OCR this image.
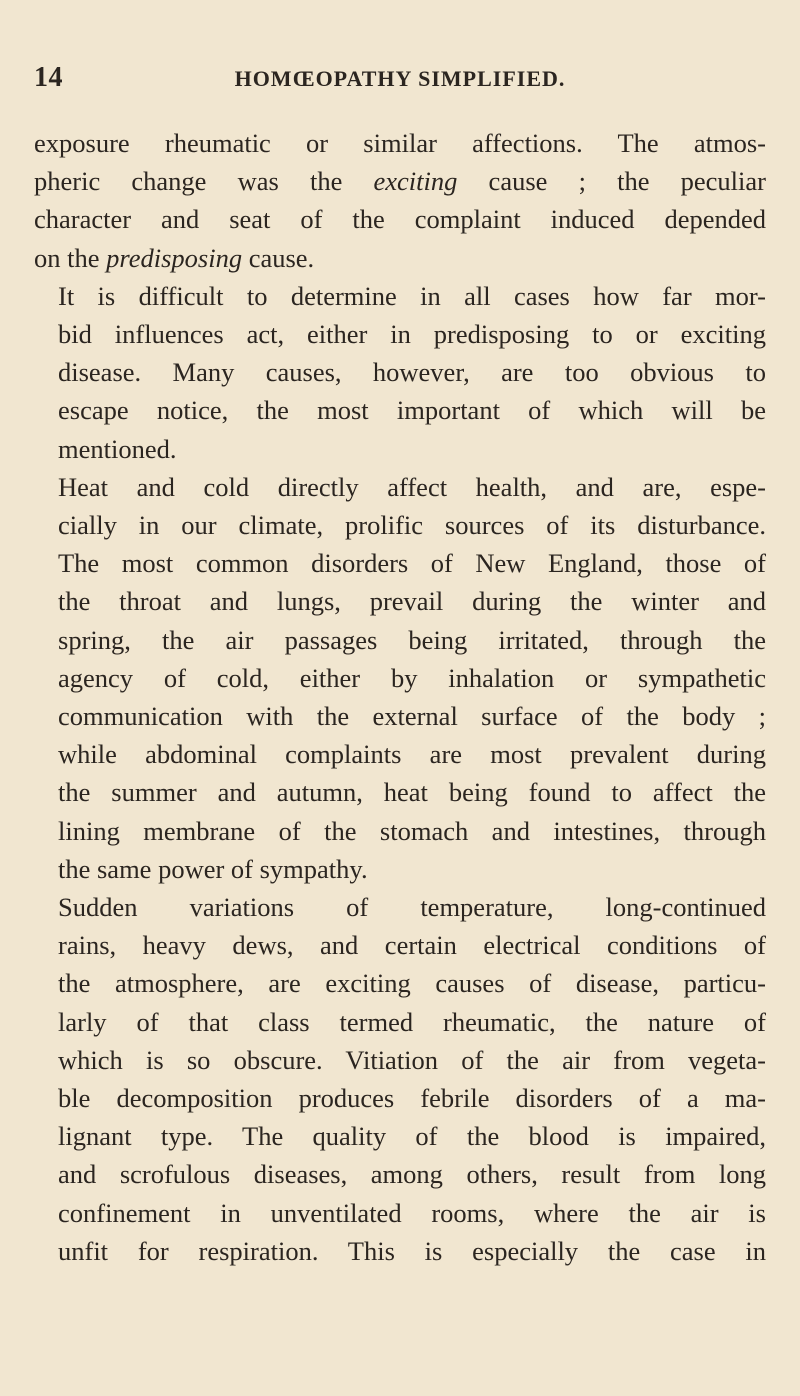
14	HOMŒOPATHY SIMPLIFIED.

exposure rheumatic or similar affections. The atmos-
pheric change was the exciting cause ; the peculiar
character and seat of the complaint induced depended
on the predisposing cause.

It is difficult to determine in all cases how far mor-
bid influences act, either in predisposing to or exciting
disease. Many causes, however, are too obvious to
escape notice, the most important of which will be
mentioned.

Heat and cold directly affect health, and are, espe-
cially in our climate, prolific sources of its disturbance.
The most common disorders of New England, those of
the throat and lungs, prevail during the winter and
spring, the air passages being irritated, through the
agency of cold, either by inhalation or sympathetic
communication with the external surface of the body ;
while abdominal complaints are most prevalent during
the summer and autumn, heat being found to affect the
lining membrane of the stomach and intestines, through
the same power of sympathy.

Sudden variations of temperature, long-continued
rains, heavy dews, and certain electrical conditions of
the atmosphere, are exciting causes of disease, particu-
larly of that class termed rheumatic, the nature of
which is so obscure. Vitiation of the air from vegeta-
ble decomposition produces febrile disorders of a ma-
lignant type. The quality of the blood is impaired,
and scrofulous diseases, among others, result from long
confinement in unventilated rooms, where the air is
unfit for respiration. This is especially the case in
